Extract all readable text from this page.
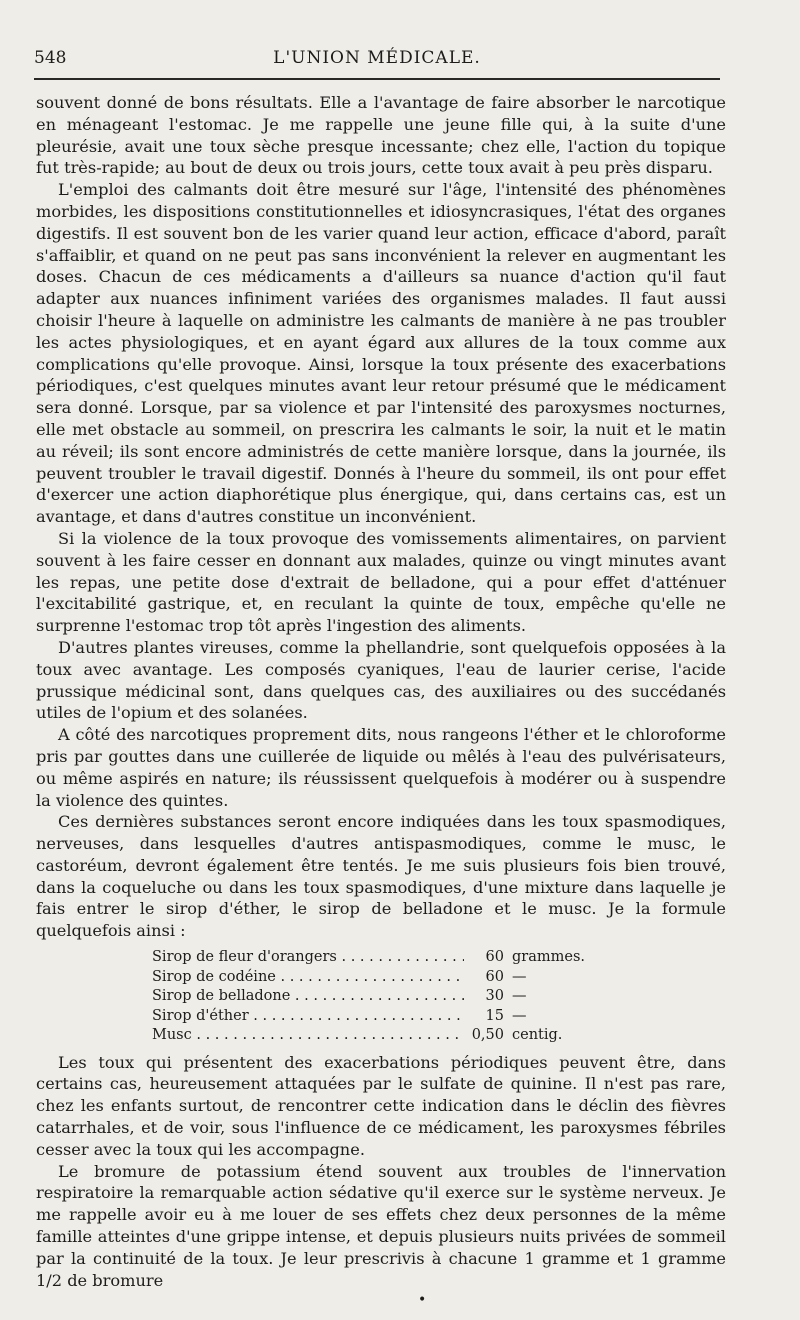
548	L'UNION MÉDICALE.

souvent donné de bons résultats. Elle a l'avantage de faire absorber le narcotique en ménageant l'estomac. Je me rappelle une jeune fille qui, à la suite d'une pleurésie, avait une toux sèche presque incessante; chez elle, l'action du topique fut très-rapide; au bout de deux ou trois jours, cette toux avait à peu près disparu.

L'emploi des calmants doit être mesuré sur l'âge, l'intensité des phénomènes morbides, les dispositions constitutionnelles et idiosyncrasiques, l'état des organes digestifs. Il est souvent bon de les varier quand leur action, efficace d'abord, paraît s'affaiblir, et quand on ne peut pas sans inconvénient la relever en augmentant les doses. Chacun de ces médicaments a d'ailleurs sa nuance d'action qu'il faut adapter aux nuances infiniment variées des organismes malades. Il faut aussi choisir l'heure à laquelle on administre les calmants de manière à ne pas troubler les actes physiologiques, et en ayant égard aux allures de la toux comme aux complications qu'elle provoque. Ainsi, lorsque la toux présente des exacerbations périodiques, c'est quelques minutes avant leur retour présumé que le médicament sera donné. Lorsque, par sa violence et par l'intensité des paroxysmes nocturnes, elle met obstacle au sommeil, on prescrira les calmants le soir, la nuit et le matin au réveil; ils sont encore administrés de cette manière lorsque, dans la journée, ils peuvent troubler le travail digestif. Donnés à l'heure du sommeil, ils ont pour effet d'exercer une action diaphorétique plus énergique, qui, dans certains cas, est un avantage, et dans d'autres constitue un inconvénient.

Si la violence de la toux provoque des vomissements alimentaires, on parvient souvent à les faire cesser en donnant aux malades, quinze ou vingt minutes avant les repas, une petite dose d'extrait de belladone, qui a pour effet d'atténuer l'excitabilité gastrique, et, en reculant la quinte de toux, empêche qu'elle ne surprenne l'estomac trop tôt après l'ingestion des aliments.

D'autres plantes vireuses, comme la phellandrie, sont quelquefois opposées à la toux avec avantage. Les composés cyaniques, l'eau de laurier cerise, l'acide prussique médicinal sont, dans quelques cas, des auxiliaires ou des succédanés utiles de l'opium et des solanées.

A côté des narcotiques proprement dits, nous rangeons l'éther et le chloroforme pris par gouttes dans une cuillerée de liquide ou mêlés à l'eau des pulvérisateurs, ou même aspirés en nature; ils réussissent quelquefois à modérer ou à suspendre la violence des quintes.

Ces dernières substances seront encore indiquées dans les toux spasmodiques, nerveuses, dans lesquelles d'autres antispasmodiques, comme le musc, le castoréum, devront également être tentés. Je me suis plusieurs fois bien trouvé, dans la coqueluche ou dans les toux spasmodiques, d'une mixture dans laquelle je fais entrer le sirop d'éther, le sirop de belladone et le musc. Je la formule quelquefois ainsi :

Sirop de fleur d'orangers . . .	60 grammes.
Sirop de codéine . . .	60 —
Sirop de belladone . . .	30 —
Sirop d'éther . . .	15 —
Musc . . .	0,50 centig.

Les toux qui présentent des exacerbations périodiques peuvent être, dans certains cas, heureusement attaquées par le sulfate de quinine. Il n'est pas rare, chez les enfants surtout, de rencontrer cette indication dans le déclin des fièvres catarrhales, et de voir, sous l'influence de ce médicament, les paroxysmes fébriles cesser avec la toux qui les accompagne.

Le bromure de potassium étend souvent aux troubles de l'innervation respiratoire la remarquable action sédative qu'il exerce sur le système nerveux. Je me rappelle avoir eu à me louer de ses effets chez deux personnes de la même famille atteintes d'une grippe intense, et depuis plusieurs nuits privées de sommeil par la continuité de la toux. Je leur prescrivis à chacune 1 gramme et 1 gramme 1/2 de bromure

•
